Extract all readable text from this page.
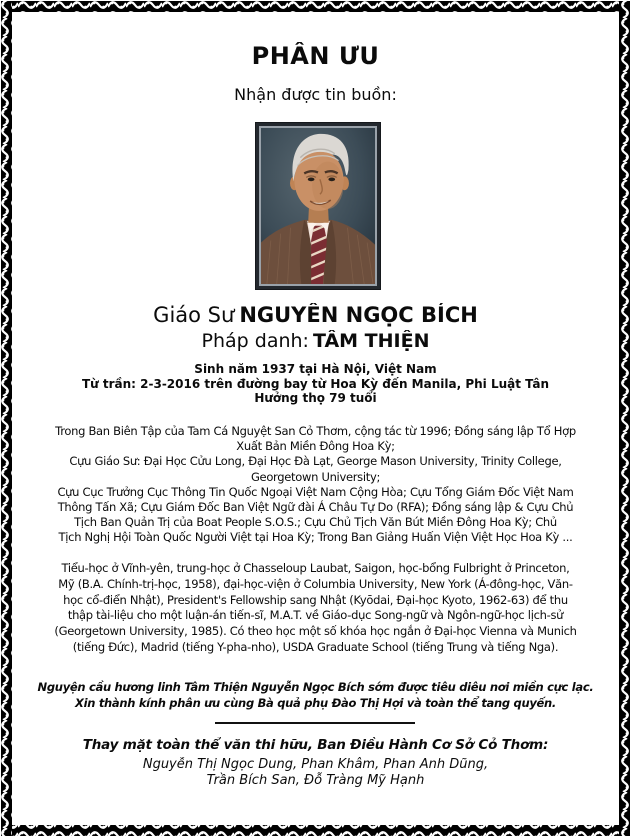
PHÂN ƯU
Nhận được tin buồn:
Giáo Sư NGUYỄN NGỌC BÍCH
Pháp danh: TÂM THIỆN
Sinh năm 1937 tại Hà Nội, Việt Nam
Từ trần: 2-3-2016 trên đường bay từ Hoa Kỳ đến Manila, Phi Luật Tân
Hưởng thọ 79 tuổi
Trong Ban Biên Tập của Tam Cá Nguyệt San Cỏ Thơm, cộng tác từ 1996; Đồng sáng lập Tổ Hợp
Xuất Bản Miền Đông Hoa Kỳ;
Cựu Giáo Sư: Đại Học Cửu Long, Đại Học Đà Lạt, George Mason University, Trinity College,
Georgetown University;
Cựu Cục Trưởng Cục Thông Tin Quốc Ngoại Việt Nam Cộng Hòa; Cựu Tổng Giám Đốc Việt Nam
Thông Tấn Xã; Cựu Giám Đốc Ban Việt Ngữ đài Á Châu Tự Do (RFA); Đồng sáng lập & Cựu Chủ
Tịch Ban Quản Trị của Boat People S.O.S.; Cựu Chủ Tịch Văn Bút Miền Đông Hoa Kỳ; Chủ
Tịch Nghị Hội Toàn Quốc Người Việt tại Hoa Kỳ; Trong Ban Giảng Huấn Viện Việt Học Hoa Kỳ ...
Tiểu-học ở Vĩnh-yên, trung-học ở Chasseloup Laubat, Saigon, học-bổng Fulbright ở Princeton,
Mỹ (B.A. Chính-trị-học, 1958), đại-học-viện ở Columbia University, New York (Á-đông-học, Văn-
học cổ-điển Nhật), President's Fellowship sang Nhật (Kyōdai, Đại-học Kyoto, 1962-63) để thu
thập tài-liệu cho một luận-án tiến-sĩ, M.A.T. về Giáo-dục Song-ngữ và Ngôn-ngữ-học lịch-sử
(Georgetown University, 1985). Có theo học một số khóa học ngắn ở Đại-học Vienna và Munich
(tiếng Đức), Madrid (tiếng Y-pha-nho), USDA Graduate School (tiếng Trung và tiếng Nga).
Nguyện cầu hương linh Tâm Thiện Nguyễn Ngọc Bích sớm được tiêu diêu nơi miền cực lạc.
Xin thành kính phân ưu cùng Bà quả phụ Đào Thị Hợi và toàn thể tang quyến.
Thay mặt toàn thể văn thi hữu, Ban Điều Hành Cơ Sở Cỏ Thơm:
Nguyễn Thị Ngọc Dung, Phan Khâm, Phan Anh Dũng,
Trần Bích San, Đỗ Tràng Mỹ Hạnh
